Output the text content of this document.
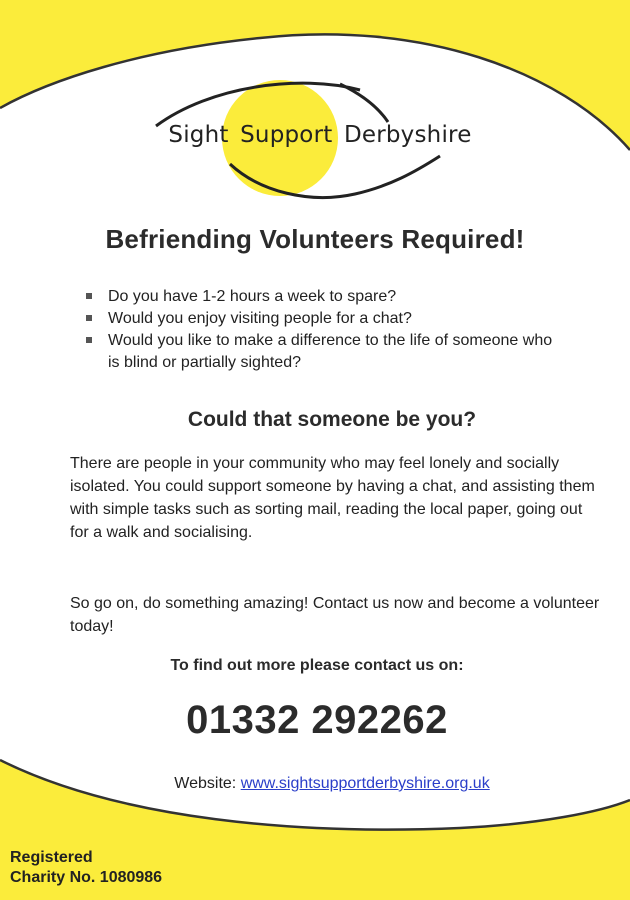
Sight Support Derbyshire
Befriending Volunteers Required!
Do you have 1-2 hours a week to spare?
Would you enjoy visiting people for a chat?
Would you like to make a difference to the life of someone who is blind or partially sighted?
Could that someone be you?

There are people in your community who may feel lonely and socially isolated. You could support someone by having a chat, and assisting them with simple tasks such as sorting mail, reading the local paper, going out for a walk and socialising.

So go on, do something amazing! Contact us now and become a volunteer today!

To find out more please contact us on:

01332 292262

Website: www.sightsupportderbyshire.org.uk

Registered
Charity No. 1080986
